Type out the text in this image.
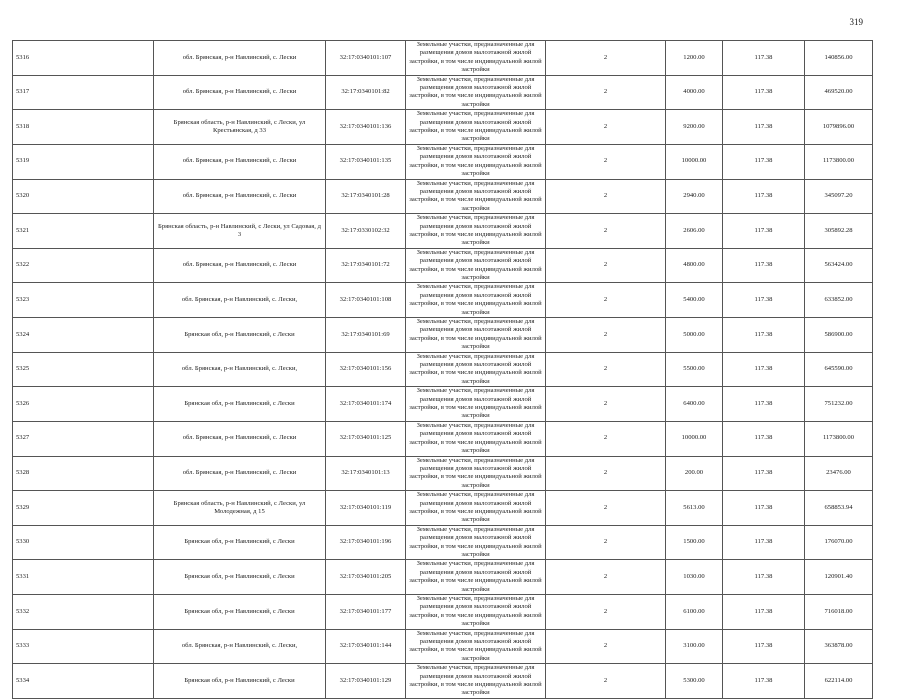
319
5316	обл. Брянская, р-н Навлинский, с. Лески	32:17:0340101:107	Земельные участки, предназначенные для размещения домов малоэтажной жилой застройки, в том числе индивидуальной жилой застройки	2	1200.00	117.38	140856.00
5317	обл. Брянская, р-н Навлинский, с. Лески	32:17:0340101:82	Земельные участки, предназначенные для размещения домов малоэтажной жилой застройки, в том числе индивидуальной жилой застройки	2	4000.00	117.38	469520.00
5318	Брянская область, р-н Навлинский, с Лески, ул Крестьянская, д 33	32:17:0340101:136	Земельные участки, предназначенные для размещения домов малоэтажной жилой застройки, в том числе индивидуальной жилой застройки	2	9200.00	117.38	1079896.00
5319	обл. Брянская, р-н Навлинский, с. Лески	32:17:0340101:135	Земельные участки, предназначенные для размещения домов малоэтажной жилой застройки, в том числе индивидуальной жилой застройки	2	10000.00	117.38	1173800.00
5320	обл. Брянская, р-н Навлинский, с. Лески	32:17:0340101:28	Земельные участки, предназначенные для размещения домов малоэтажной жилой застройки, в том числе индивидуальной жилой застройки	2	2940.00	117.38	345097.20
5321	Брянская область, р-н Навлинский, с Лески, ул Садовая, д 3	32:17:0330102:32	Земельные участки, предназначенные для размещения домов малоэтажной жилой застройки, в том числе индивидуальной жилой застройки	2	2606.00	117.38	305892.28
5322	обл. Брянская, р-н Навлинский, с. Лески	32:17:0340101:72	Земельные участки, предназначенные для размещения домов малоэтажной жилой застройки, в том числе индивидуальной жилой застройки	2	4800.00	117.38	563424.00
5323	обл. Брянская, р-н Навлинский, с. Лески,	32:17:0340101:108	Земельные участки, предназначенные для размещения домов малоэтажной жилой застройки, в том числе индивидуальной жилой застройки	2	5400.00	117.38	633852.00
5324	Брянская обл, р-н Навлинский, с Лески	32:17:0340101:69	Земельные участки, предназначенные для размещения домов малоэтажной жилой застройки, в том числе индивидуальной жилой застройки	2	5000.00	117.38	586900.00
5325	обл. Брянская, р-н Навлинский, с. Лески,	32:17:0340101:156	Земельные участки, предназначенные для размещения домов малоэтажной жилой застройки, в том числе индивидуальной жилой застройки	2	5500.00	117.38	645590.00
5326	Брянская обл, р-н Навлинский, с Лески	32:17:0340101:174	Земельные участки, предназначенные для размещения домов малоэтажной жилой застройки, в том числе индивидуальной жилой застройки	2	6400.00	117.38	751232.00
5327	обл. Брянская, р-н Навлинский, с. Лески	32:17:0340101:125	Земельные участки, предназначенные для размещения домов малоэтажной жилой застройки, в том числе индивидуальной жилой застройки	2	10000.00	117.38	1173800.00
5328	обл. Брянская, р-н Навлинский, с. Лески	32:17:0340101:13	Земельные участки, предназначенные для размещения домов малоэтажной жилой застройки, в том числе индивидуальной жилой застройки	2	200.00	117.38	23476.00
5329	Брянская область, р-н Навлинский, с Лески, ул Молодежная, д 15	32:17:0340101:119	Земельные участки, предназначенные для размещения домов малоэтажной жилой застройки, в том числе индивидуальной жилой застройки	2	5613.00	117.38	658853.94
5330	Брянская обл, р-н Навлинский, с Лески	32:17:0340101:196	Земельные участки, предназначенные для размещения домов малоэтажной жилой застройки, в том числе индивидуальной жилой застройки	2	1500.00	117.38	176070.00
5331	Брянская обл, р-н Навлинский, с Лески	32:17:0340101:205	Земельные участки, предназначенные для размещения домов малоэтажной жилой застройки, в том числе индивидуальной жилой застройки	2	1030.00	117.38	120901.40
5332	Брянская обл, р-н Навлинский, с Лески	32:17:0340101:177	Земельные участки, предназначенные для размещения домов малоэтажной жилой застройки, в том числе индивидуальной жилой застройки	2	6100.00	117.38	716018.00
5333	обл. Брянская, р-н Навлинский, с. Лески,	32:17:0340101:144	Земельные участки, предназначенные для размещения домов малоэтажной жилой застройки, в том числе индивидуальной жилой застройки	2	3100.00	117.38	363878.00
5334	Брянская обл, р-н Навлинский, с Лески	32:17:0340101:129	Земельные участки, предназначенные для размещения домов малоэтажной жилой застройки, в том числе индивидуальной жилой застройки	2	5300.00	117.38	622114.00
